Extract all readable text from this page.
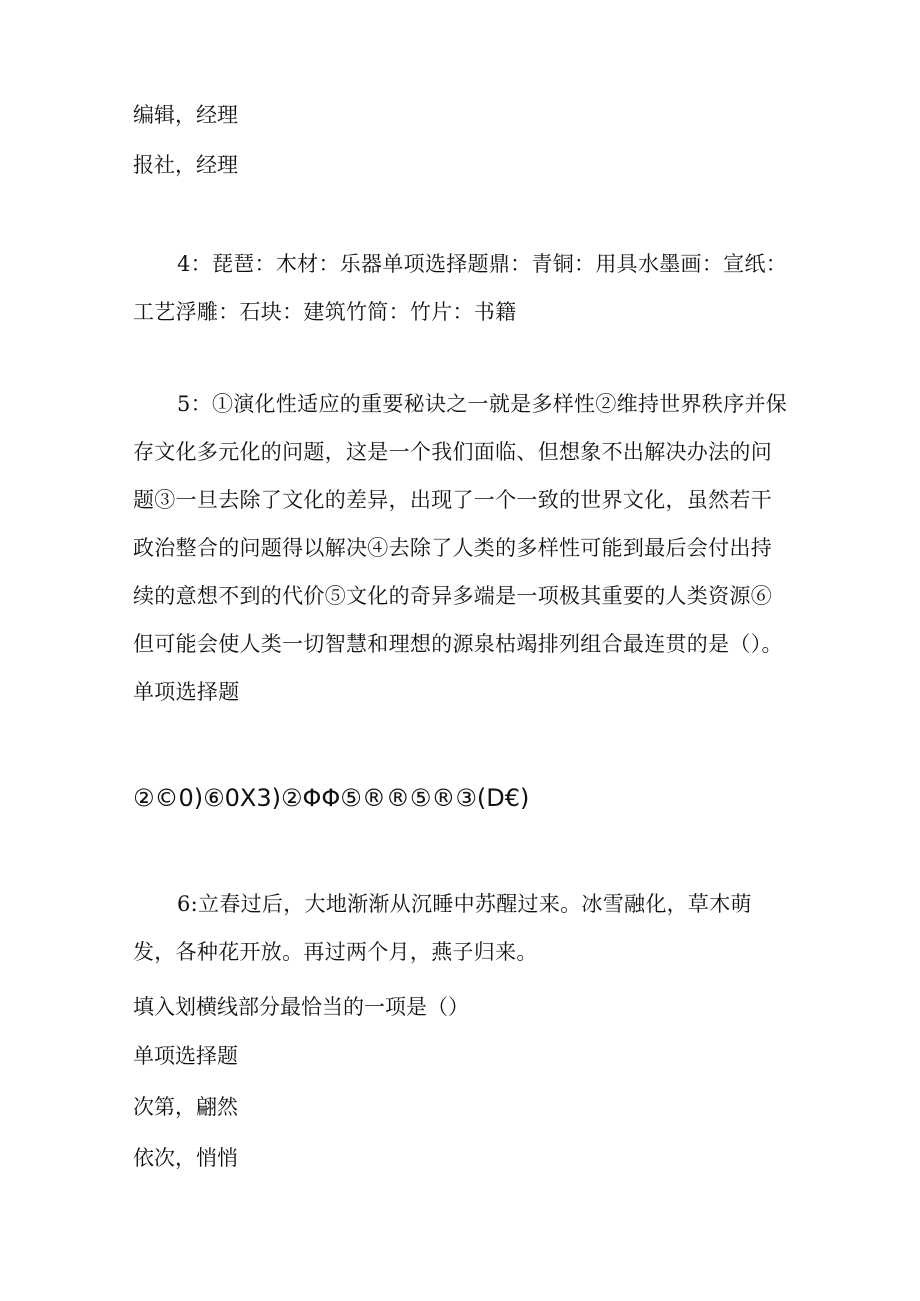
编辑，经理

报社，经理

4：琵琶：木材：乐器单项选择题鼎：青铜：用具水墨画：宣纸：工艺浮雕：石块：建筑竹简：竹片：书籍

5：①演化性适应的重要秘诀之一就是多样性②维持世界秩序并保存文化多元化的问题，这是一个我们面临、但想象不出解决办法的问题③一旦去除了文化的差异，出现了一个一致的世界文化，虽然若干政治整合的问题得以解决④去除了人类的多样性可能到最后会付出持续的意想不到的代价⑤文化的奇异多端是一项极其重要的人类资源⑥但可能会使人类一切智慧和理想的源泉枯竭排列组合最连贯的是（）。单项选择题

②©0)⑥0X3)②ΦΦ⑤®®⑤®③(D€)

6:立春过后，大地渐渐从沉睡中苏醒过来。冰雪融化，草木萌发，各种花开放。再过两个月，燕子归来。

填入划横线部分最恰当的一项是（）

单项选择题

次第，翩然

依次，悄悄
